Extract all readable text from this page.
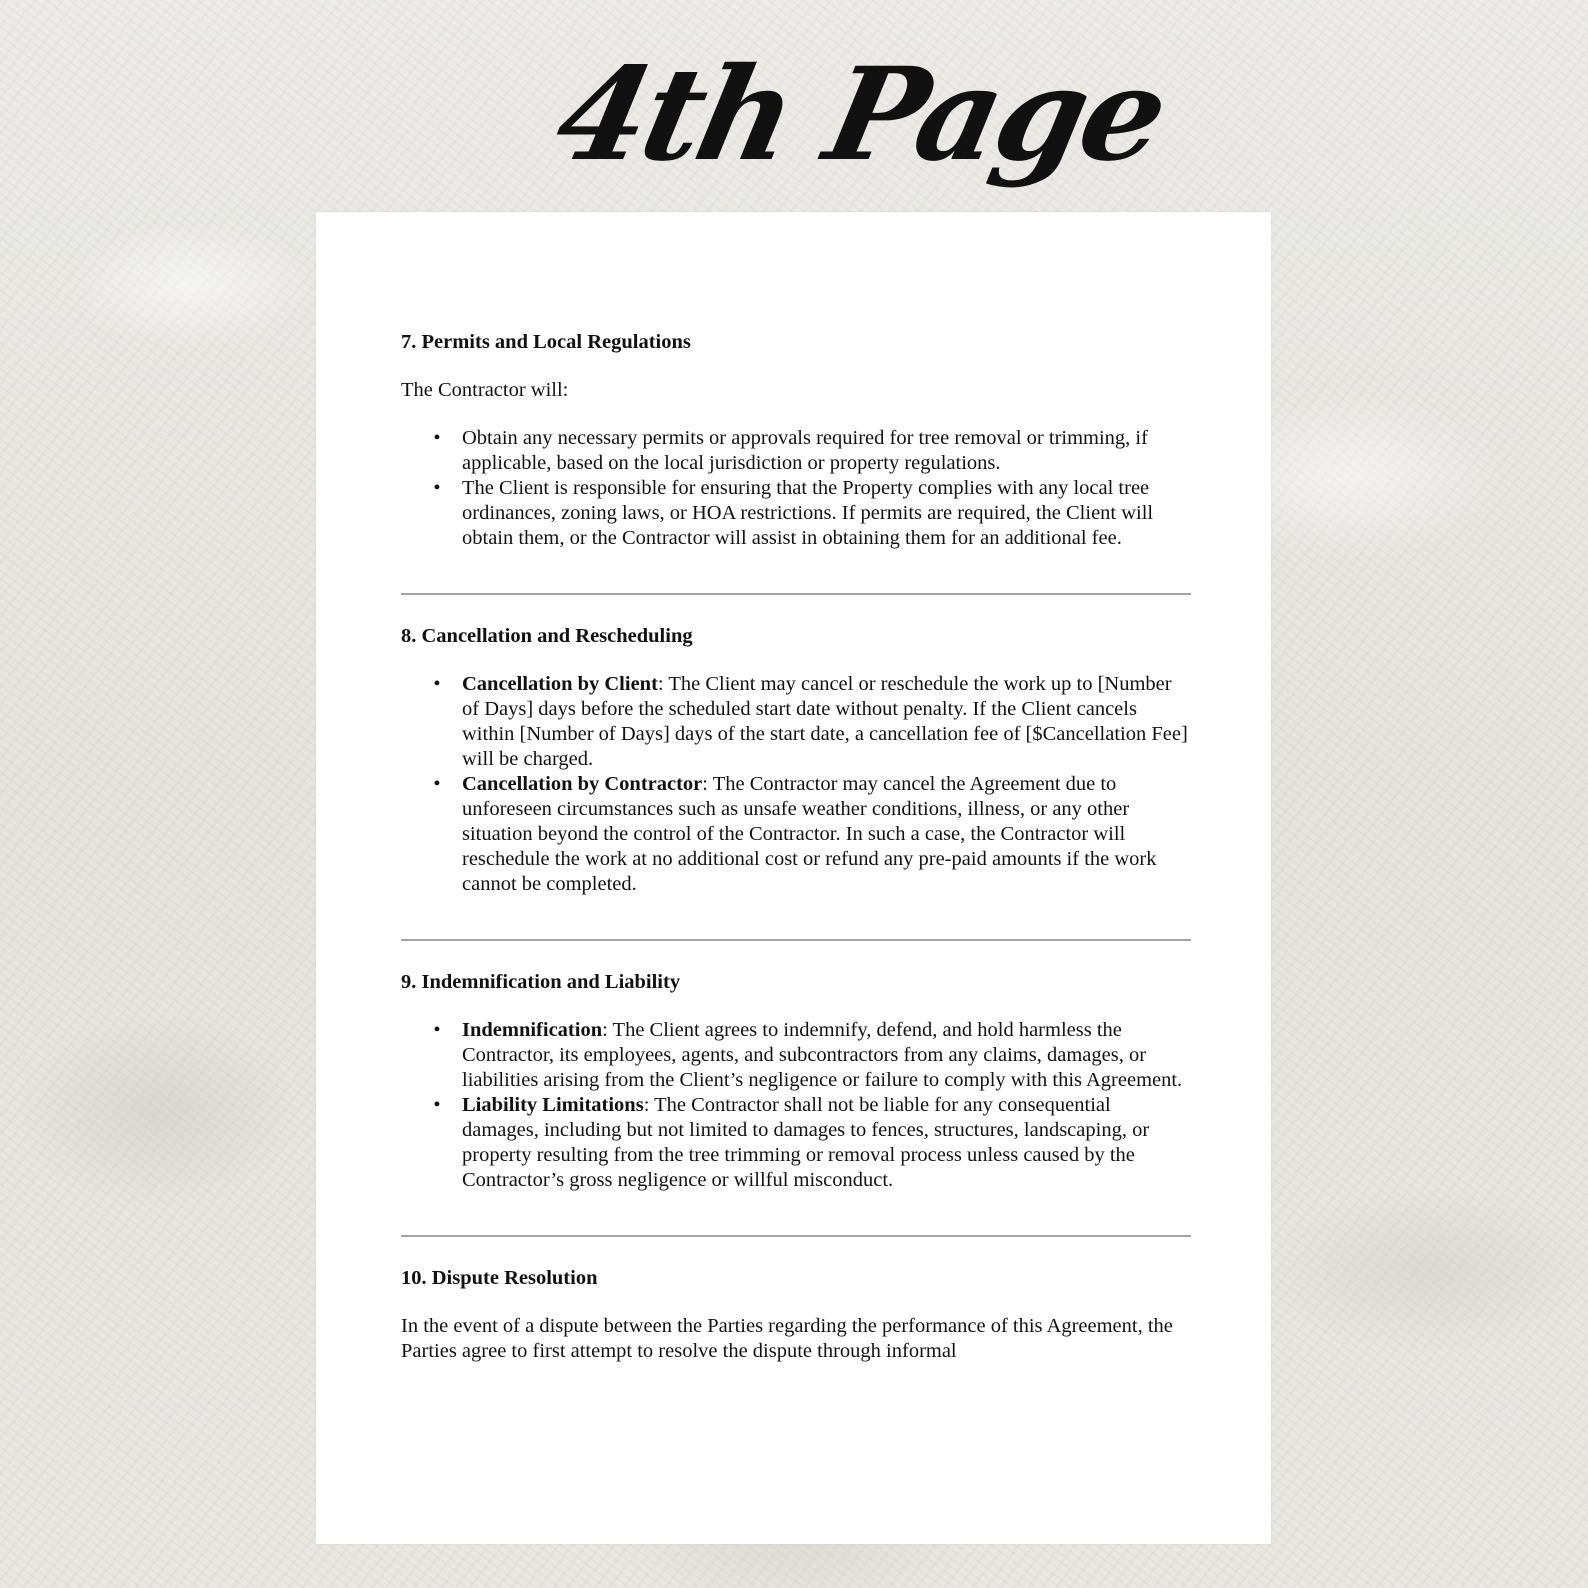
4th Page

7. Permits and Local Regulations

The Contractor will:

• Obtain any necessary permits or approvals required for tree removal or trimming, if applicable, based on the local jurisdiction or property regulations.
• The Client is responsible for ensuring that the Property complies with any local tree ordinances, zoning laws, or HOA restrictions. If permits are required, the Client will obtain them, or the Contractor will assist in obtaining them for an additional fee.

8. Cancellation and Rescheduling

• Cancellation by Client: The Client may cancel or reschedule the work up to [Number of Days] days before the scheduled start date without penalty. If the Client cancels within [Number of Days] days of the start date, a cancellation fee of [$Cancellation Fee] will be charged.
• Cancellation by Contractor: The Contractor may cancel the Agreement due to unforeseen circumstances such as unsafe weather conditions, illness, or any other situation beyond the control of the Contractor. In such a case, the Contractor will reschedule the work at no additional cost or refund any pre-paid amounts if the work cannot be completed.

9. Indemnification and Liability

• Indemnification: The Client agrees to indemnify, defend, and hold harmless the Contractor, its employees, agents, and subcontractors from any claims, damages, or liabilities arising from the Client’s negligence or failure to comply with this Agreement.
• Liability Limitations: The Contractor shall not be liable for any consequential damages, including but not limited to damages to fences, structures, landscaping, or property resulting from the tree trimming or removal process unless caused by the Contractor’s gross negligence or willful misconduct.

10. Dispute Resolution

In the event of a dispute between the Parties regarding the performance of this Agreement, the Parties agree to first attempt to resolve the dispute through informal
